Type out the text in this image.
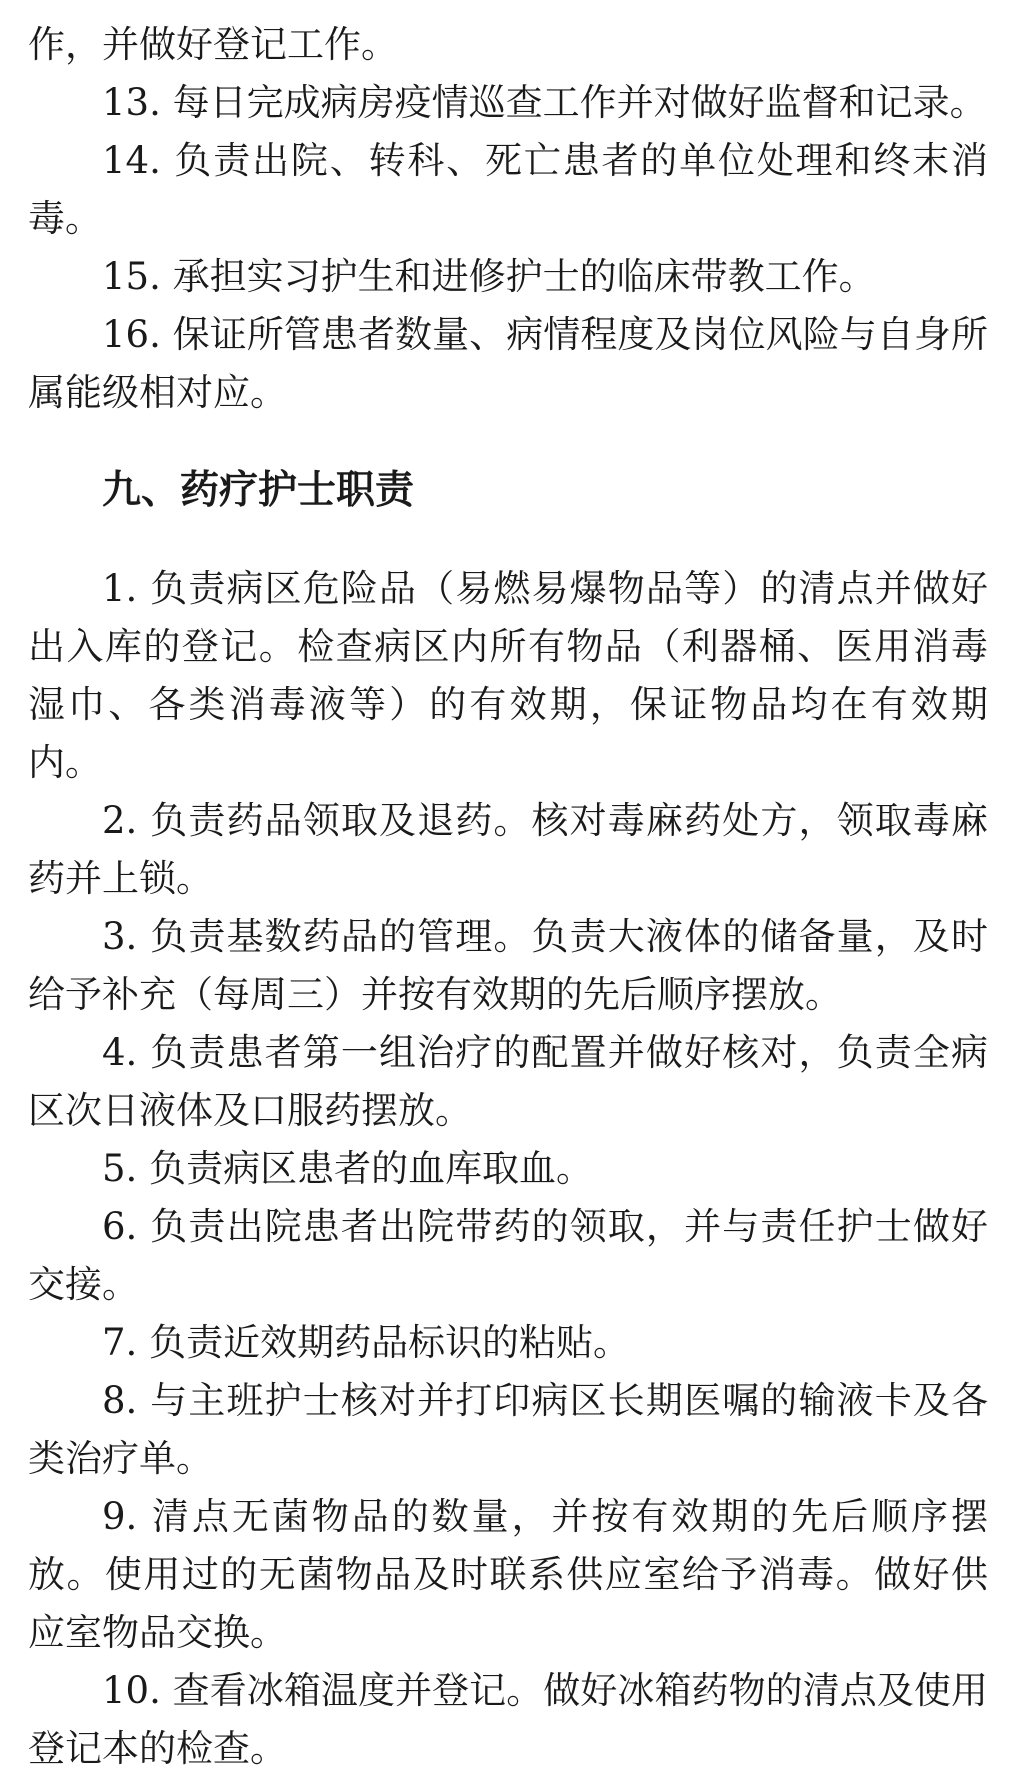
作，并做好登记工作。

13. 每日完成病房疫情巡查工作并对做好监督和记录。

14. 负责出院、转科、死亡患者的单位处理和终末消毒。

15. 承担实习护生和进修护士的临床带教工作。

16. 保证所管患者数量、病情程度及岗位风险与自身所属能级相对应。

九、药疗护士职责

1. 负责病区危险品（易燃易爆物品等）的清点并做好出入库的登记。检查病区内所有物品（利器桶、医用消毒湿巾、各类消毒液等）的有效期，保证物品均在有效期内。

2. 负责药品领取及退药。核对毒麻药处方，领取毒麻药并上锁。

3. 负责基数药品的管理。负责大液体的储备量，及时给予补充（每周三）并按有效期的先后顺序摆放。

4. 负责患者第一组治疗的配置并做好核对，负责全病区次日液体及口服药摆放。

5. 负责病区患者的血库取血。

6. 负责出院患者出院带药的领取，并与责任护士做好交接。

7. 负责近效期药品标识的粘贴。

8. 与主班护士核对并打印病区长期医嘱的输液卡及各类治疗单。

9. 清点无菌物品的数量，并按有效期的先后顺序摆放。使用过的无菌物品及时联系供应室给予消毒。做好供应室物品交换。

10. 查看冰箱温度并登记。做好冰箱药物的清点及使用登记本的检查。
